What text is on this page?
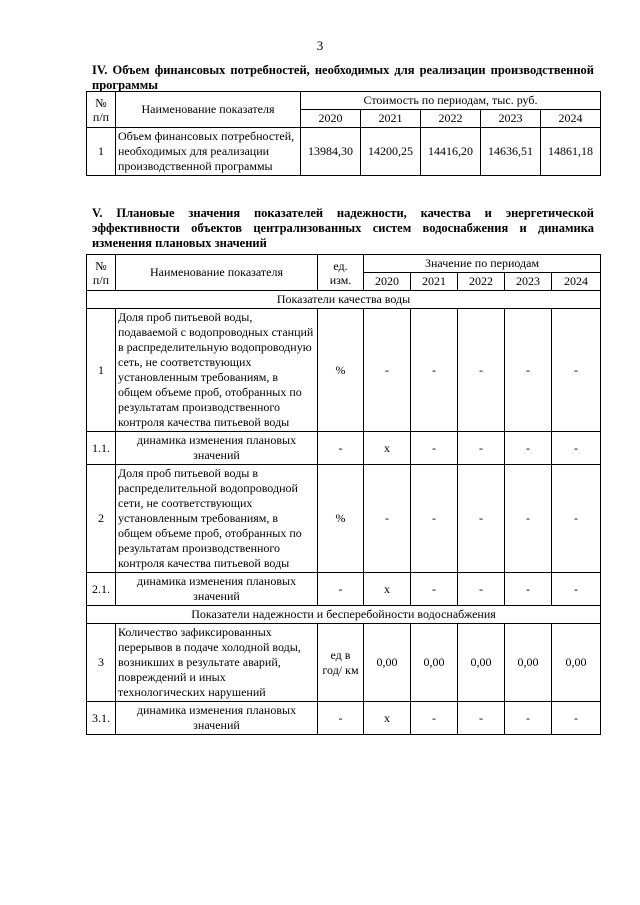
3
IV. Объем финансовых потребностей, необходимых для реализации производственной программы
№
п/п	Наименование показателя	Стоимость по периодам, тыс. руб.				
		2020	2021	2022	2023	2024
1	Объем финансовых потребностей, необходимых для реализации производственной программы	13984,30	14200,25	14416,20	14636,51	14861,18
V. Плановые значения показателей надежности, качества и энергетической эффективности объектов централизованных систем водоснабжения и динамика изменения плановых значений
№
п/п	Наименование показателя	ед.
изм.	Значение по периодам				
			2020	2021	2022	2023	2024
Показатели качества воды							
1	Доля проб питьевой воды, подаваемой с водопроводных станций в распределительную водопроводную сеть, не соответствующих установленным требованиям, в общем объеме проб, отобранных по результатам производственного контроля качества питьевой воды	%	-	-	-	-	-
1.1.	динамика изменения плановых значений	-	x	-	-	-	-
2	Доля проб питьевой воды в распределительной водопроводной сети, не соответствующих установленным требованиям, в общем объеме проб, отобранных по результатам производственного контроля качества питьевой воды	%	-	-	-	-	-
2.1.	динамика изменения плановых значений	-	x	-	-	-	-
Показатели надежности и бесперебойности водоснабжения							
3	Количество зафиксированных перерывов в подаче холодной воды, возникших в результате аварий, повреждений и иных технологических нарушений	ед в год/ км	0,00	0,00	0,00	0,00	0,00
3.1.	динамика изменения плановых значений	-	x	-	-	-	-
